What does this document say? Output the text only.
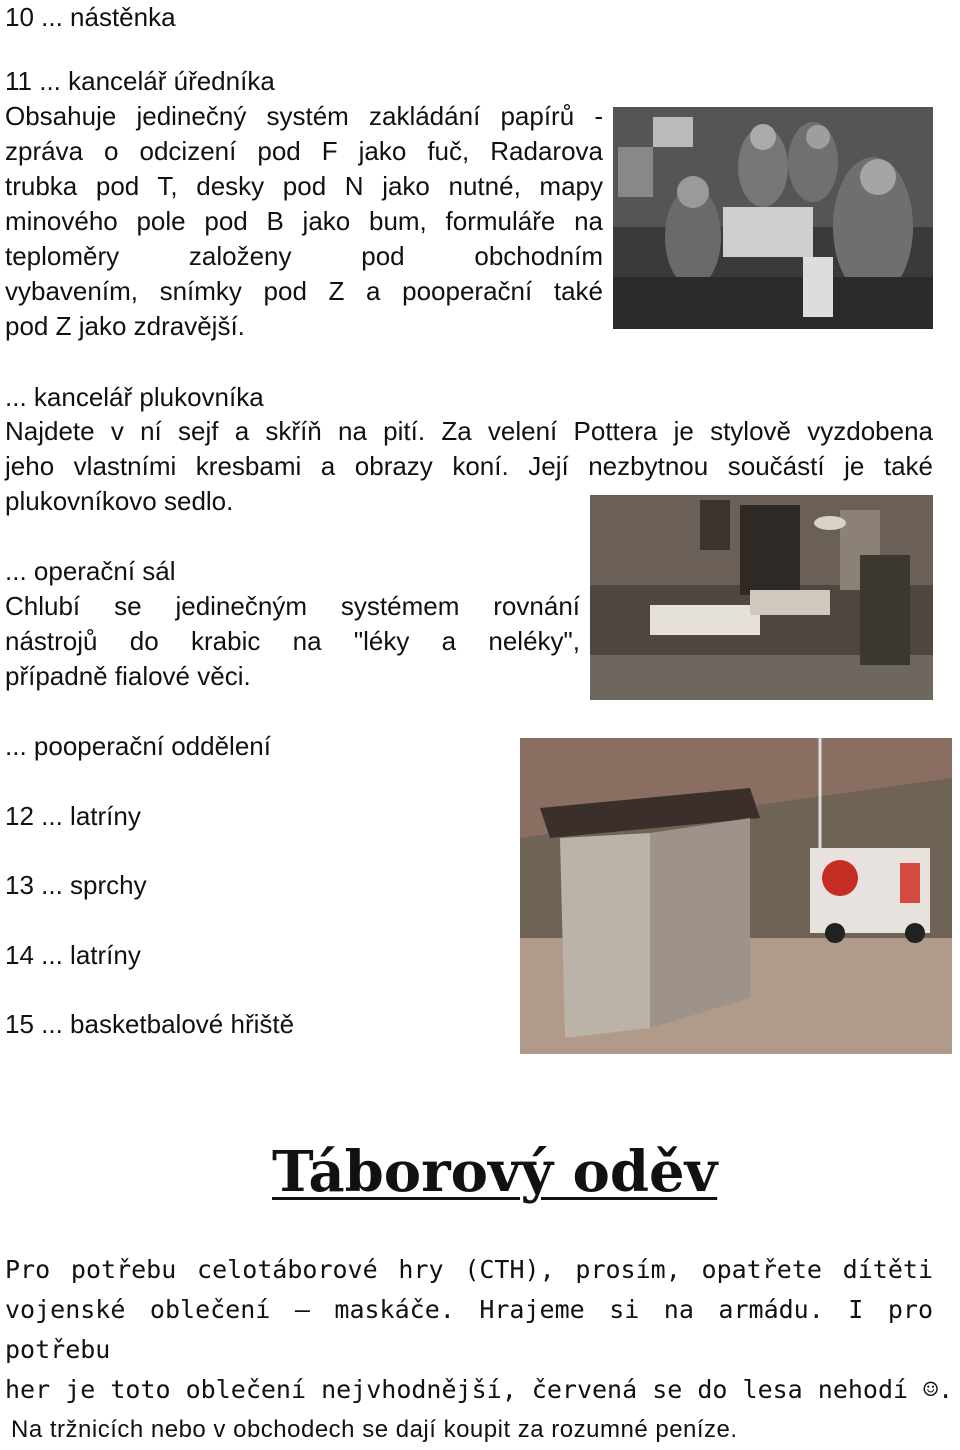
10 ... nástěnka
11 ... kancelář úředníka
Obsahuje jedinečný systém zakládání papírů -
zpráva o odcizení pod F jako fuč, Radarova
trubka pod T, desky pod N jako nutné, mapy
minového pole pod B jako bum, formuláře na
teploměry založeny pod obchodním
vybavením, snímky pod Z a pooperační také
pod Z jako zdravější.
... kancelář plukovníka
Najdete v ní sejf a skříň na pití. Za velení Pottera je stylově vyzdobena
jeho vlastními kresbami a obrazy koní. Její nezbytnou součástí je také
plukovníkovo sedlo.
... operační sál
Chlubí se jedinečným systémem rovnání
nástrojů do krabic na "léky a neléky",
případně fialové věci.
... pooperační oddělení
12 ... latríny
13 ... sprchy
14 ... latríny
15 ... basketbalové hřiště
Táborový oděv
Pro potřebu celotáborové hry (CTH), prosím, opatřete dítěti
vojenské oblečení – maskáče. Hrajeme si na armádu. I pro potřebu
her je toto oblečení nejvhodnější, červená se do lesa nehodí ☺.
Na tržnicích nebo v obchodech se dají koupit za rozumné peníze.
